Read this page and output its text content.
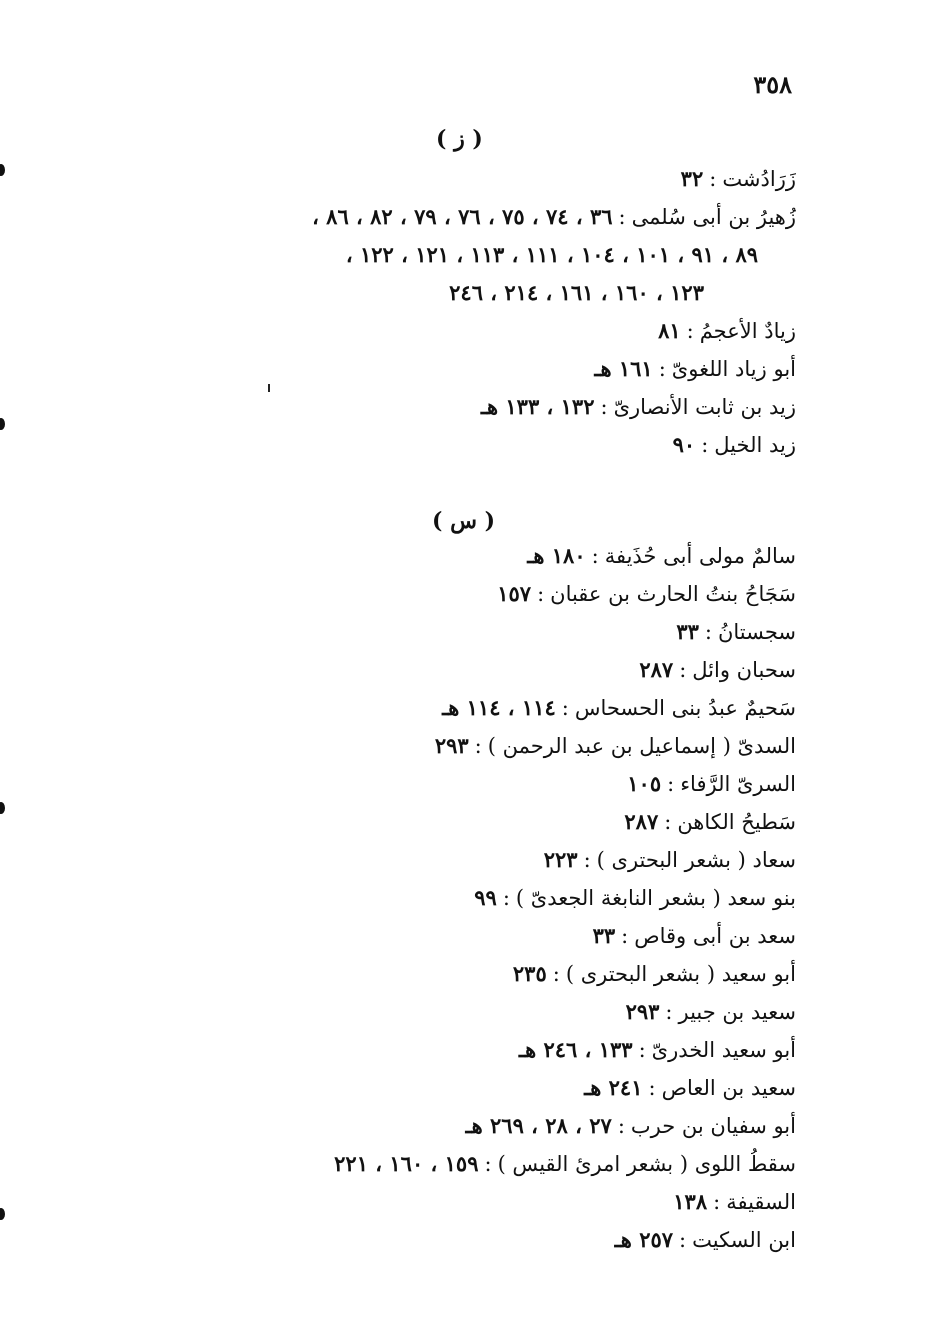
٣٥٨
( ز )
زَرَادُشت:٣٢
زُهيرُ بن أبى سُلمى:٣٦ ، ٧٤ ، ٧٥ ، ٧٦ ، ٧٩ ، ٨٢ ، ٨٦ ،
٨٩ ، ٩١ ، ١٠١ ، ١٠٤ ، ١١١ ، ١١٣ ، ١٢١ ، ١٢٢ ،
١٢٣ ، ١٦٠ ، ١٦١ ، ٢١٤ ، ٢٤٦
زيادٌ الأعجمُ:٨١
أبو زياد اللغوىّ:١٦١ هـ
زيد بن ثابت الأنصارىّ:١٣٢ ، ١٣٣ هـ
زيد الخيل:٩٠
( س )
سالمٌ مولى أبى حُذَيفة:١٨٠ هـ
سَجَاحُ بنتُ الحارث بن عقبان:١٥٧
سجستانُ:٣٣
سحبان وائل:٢٨٧
سَحيمٌ عبدُ بنى الحسحاس:١١٤ ، ١١٤ هـ
السدىّ ( إسماعيل بن عبد الرحمن ):٢٩٣
السرىّ الرَّفاء:١٠٥
سَطيحُ الكاهن:٢٨٧
سعاد ( بشعر البحترى ):٢٢٣
بنو سعد ( بشعر النابغة الجعدىّ ):٩٩
سعد بن أبى وقاص:٣٣
أبو سعيد ( بشعر البحترى ):٢٣٥
سعيد بن جبير:٢٩٣
أبو سعيد الخدرىّ:١٣٣ ، ٢٤٦ هـ
سعيد بن العاص:٢٤١ هـ
أبو سفيان بن حرب:٢٧ ، ٢٨ ، ٢٦٩ هـ
سقطُ اللوى ( بشعر امرئ القيس ):١٥٩ ، ١٦٠ ، ٢٢١
السقيفة:١٣٨
ابن السكيت:٢٥٧ هـ
